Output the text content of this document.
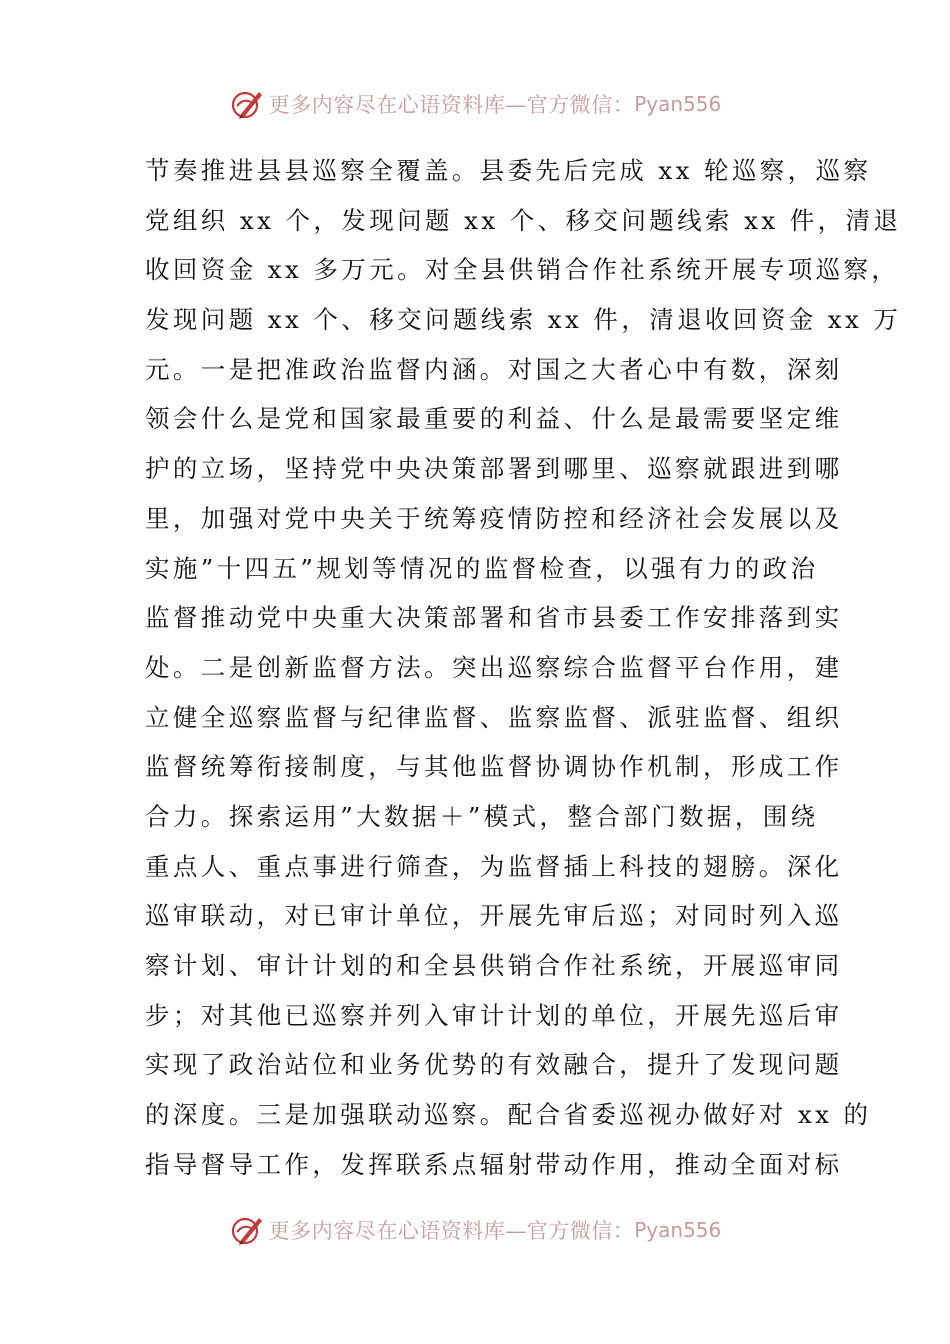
更多内容尽在心语资料库—官方微信： Pyan556
节奏推进县县巡察全覆盖。县委先后完成 xx 轮巡察，巡察
党组织 xx 个，发现问题 xx 个、移交问题线索 xx 件，清退
收回资金 xx 多万元。对全县供销合作社系统开展专项巡察，
发现问题 xx 个、移交问题线索 xx 件，清退收回资金 xx 万
元。一是把准政治监督内涵。对国之大者心中有数，深刻
领会什么是党和国家最重要的利益、什么是最需要坚定维
护的立场，坚持党中央决策部署到哪里、巡察就跟进到哪
里，加强对党中央关于统筹疫情防控和经济社会发展以及
实施”十四五”规划等情况的监督检查，以强有力的政治
监督推动党中央重大决策部署和省市县委工作安排落到实
处。二是创新监督方法。突出巡察综合监督平台作用，建
立健全巡察监督与纪律监督、监察监督、派驻监督、组织
监督统筹衔接制度，与其他监督协调协作机制，形成工作
合力。探索运用”大数据＋”模式，整合部门数据，围绕
重点人、重点事进行筛查，为监督插上科技的翅膀。深化
巡审联动，对已审计单位，开展先审后巡；对同时列入巡
察计划、审计计划的和全县供销合作社系统，开展巡审同
步；对其他已巡察并列入审计计划的单位，开展先巡后审
实现了政治站位和业务优势的有效融合，提升了发现问题
的深度。三是加强联动巡察。配合省委巡视办做好对 xx 的
指导督导工作，发挥联系点辐射带动作用，推动全面对标
更多内容尽在心语资料库—官方微信： Pyan556
